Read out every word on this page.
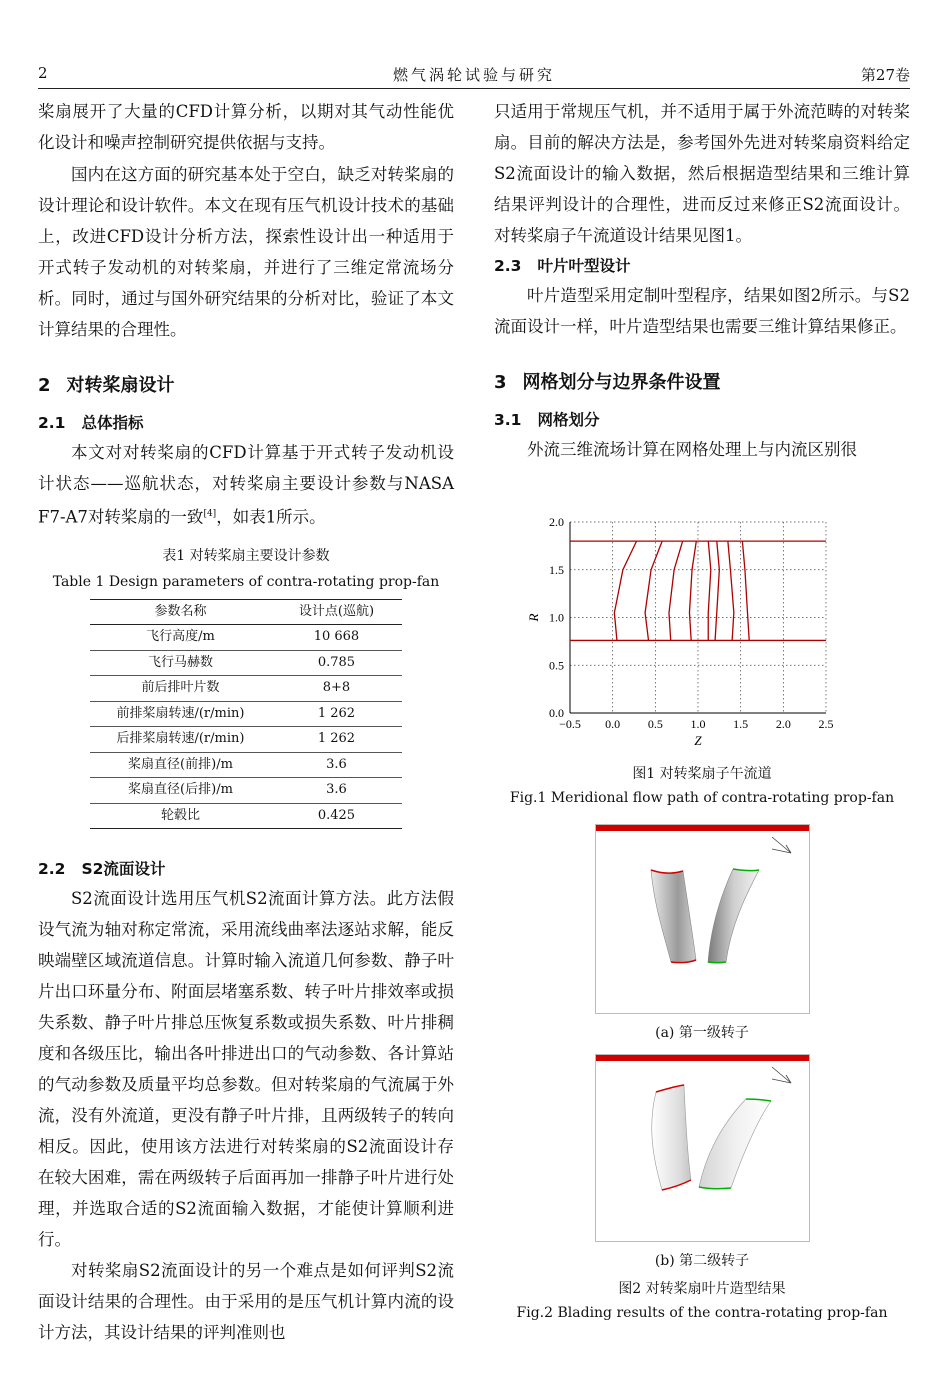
2	燃气涡轮试验与研究	第27卷

桨扇展开了大量的CFD计算分析，以期对其气动性能优化设计和噪声控制研究提供依据与支持。

国内在这方面的研究基本处于空白，缺乏对转桨扇的设计理论和设计软件。本文在现有压气机设计技术的基础上，改进CFD设计分析方法，探索性设计出一种适用于开式转子发动机的对转桨扇，并进行了三维定常流场分析。同时，通过与国外研究结果的分析对比，验证了本文计算结果的合理性。

2 对转桨扇设计
2.1 总体指标

本文对对转桨扇的CFD计算基于开式转子发动机设计状态——巡航状态，对转桨扇主要设计参数与NASA F7-A7对转桨扇的一致[4]，如表1所示。

表1 对转桨扇主要设计参数
Table 1 Design parameters of contra-rotating prop-fan
参数名称	设计点(巡航)
飞行高度/m	10 668
飞行马赫数	0.785
前后排叶片数	8+8
前排桨扇转速/(r/min)	1 262
后排桨扇转速/(r/min)	1 262
桨扇直径(前排)/m	3.6
桨扇直径(后排)/m	3.6
轮毂比	0.425
2.2 S2流面设计

S2流面设计选用压气机S2流面计算方法。此方法假设气流为轴对称定常流，采用流线曲率法逐站求解，能反映端壁区域流道信息。计算时输入流道几何参数、静子叶片出口环量分布、附面层堵塞系数、转子叶片排效率或损失系数、静子叶片排总压恢复系数或损失系数、叶片排稠度和各级压比，输出各叶排进出口的气动参数、各计算站的气动参数及质量平均总参数。但对转桨扇的气流属于外流，没有外流道，更没有静子叶片排，且两级转子的转向相反。因此，使用该方法进行对转桨扇的S2流面设计存在较大困难，需在两级转子后面再加一排静子叶片进行处理，并选取合适的S2流面输入数据，才能使计算顺利进行。

对转桨扇S2流面设计的另一个难点是如何评判S2流面设计结果的合理性。由于采用的是压气机计算内流的设计方法，其设计结果的评判准则也

只适用于常规压气机，并不适用于属于外流范畴的对转桨扇。目前的解决方法是，参考国外先进对转桨扇资料给定S2流面设计的输入数据，然后根据造型结果和三维计算结果评判设计的合理性，进而反过来修正S2流面设计。对转桨扇子午流道设计结果见图1。

2.3 叶片叶型设计

叶片造型采用定制叶型程序，结果如图2所示。与S2流面设计一样，叶片造型结果也需要三维计算结果修正。

3 网格划分与边界条件设置
3.1 网格划分

外流三维流场计算在网格处理上与内流区别很

−0.5 0.0 0.5 1.0 1.5 2.0 2.5
0.0
0.5
1.0
1.5
2.0
Z
R
图1 对转桨扇子午流道
Fig.1 Meridional flow path of contra-rotating prop-fan
(a) 第一级转子
(b) 第二级转子
图2 对转桨扇叶片造型结果
Fig.2 Blading results of the contra-rotating prop-fan
